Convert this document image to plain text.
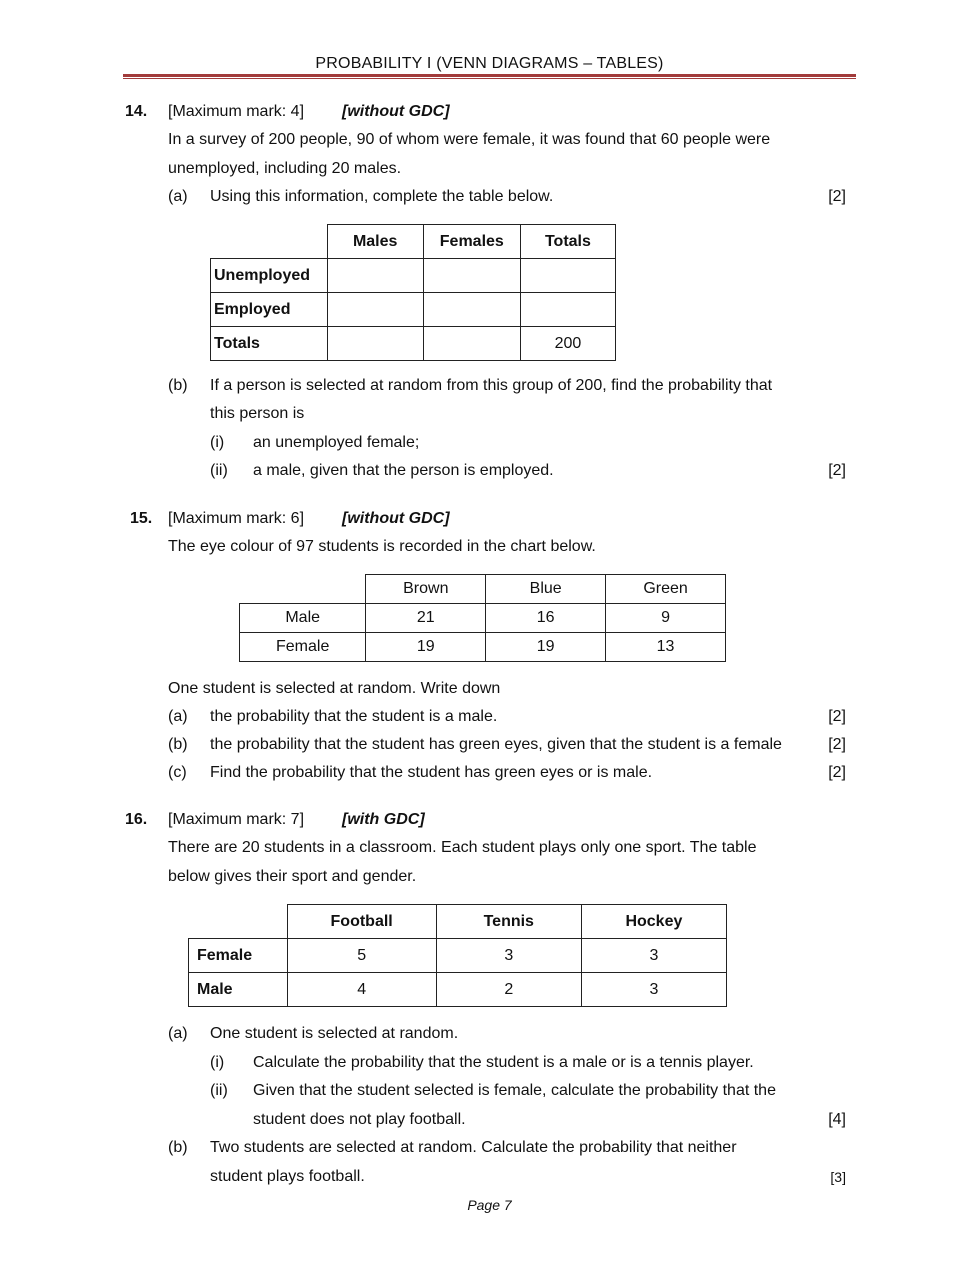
PROBABILITY I (VENN DIAGRAMS – TABLES)
14. [Maximum mark: 4] [without GDC]
In a survey of 200 people, 90 of whom were female, it was found that 60 people were
unemployed, including 20 males.
(a) Using this information, complete the table below.	[2]
	Males	Females	Totals
Unemployed			
Employed			
Totals			200
(b) If a person is selected at random from this group of 200, find the probability that
this person is
(i) an unemployed female;
(ii) a male, given that the person is employed.	[2]
15. [Maximum mark: 6] [without GDC]
The eye colour of 97 students is recorded in the chart below.
	Brown	Blue	Green
Male	21	16	9
Female	19	19	13
One student is selected at random. Write down
(a) the probability that the student is a male.	[2]
(b) the probability that the student has green eyes, given that the student is a female	[2]
(c) Find the probability that the student has green eyes or is male.	[2]
16. [Maximum mark: 7] [with GDC]
There are 20 students in a classroom. Each student plays only one sport. The table
below gives their sport and gender.
	Football	Tennis	Hockey
Female	5	3	3
Male	4	2	3
(a) One student is selected at random.
(i) Calculate the probability that the student is a male or is a tennis player.
(ii) Given that the student selected is female, calculate the probability that the
student does not play football.	[4]
(b) Two students are selected at random. Calculate the probability that neither
student plays football.	[3]
Page 7
